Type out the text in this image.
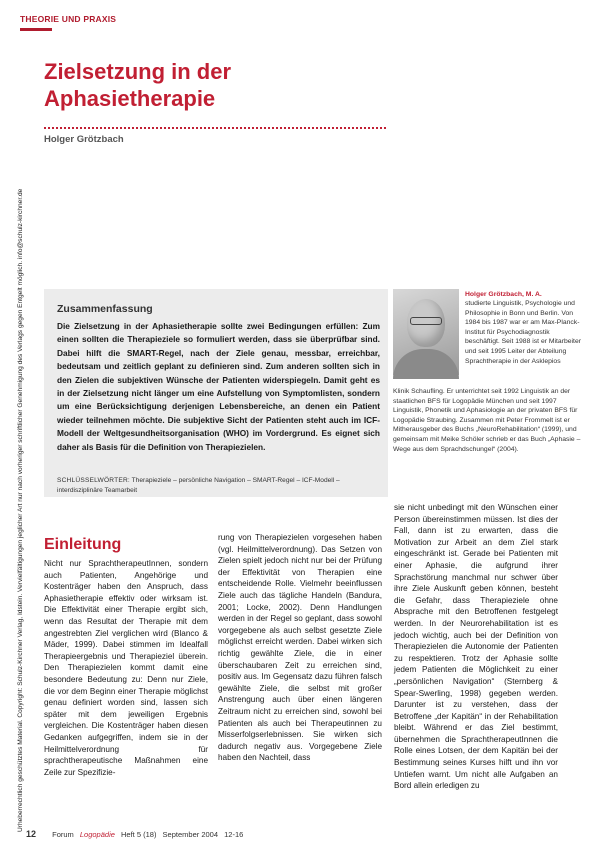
Urheberrechtlich geschütztes Material. Copyright: Schulz-Kirchner Verlag, Idstein. Vervielfältigungen jeglicher Art nur nach vorheriger schriftlicher Genehmigung des Verlags gegen Entgelt möglich. info@schulz-kirchner.de
THEORIE UND PRAXIS
Zielsetzung in der
Aphasietherapie
Holger Grötzbach
Zusammenfassung
Die Zielsetzung in der Aphasietherapie sollte zwei Bedingungen erfüllen: Zum einen sollten die Therapieziele so formuliert werden, dass sie überprüfbar sind. Dabei hilft die SMART-Regel, nach der Ziele genau, messbar, erreichbar, bedeutsam und zeitlich geplant zu definieren sind. Zum anderen sollten sich in den Zielen die subjektiven Wünsche der Patienten widerspiegeln. Damit geht es in der Zielsetzung nicht länger um eine Aufstellung von Symptomlisten, sondern um eine Berücksichtigung derjenigen Lebensbereiche, an denen ein Patient wieder teilnehmen möchte. Die subjektive Sicht der Patienten steht auch im ICF-Modell der Weltgesundheitsorganisation (WHO) im Vordergrund. Es eignet sich daher als Basis für die Definition von Therapiezielen.
SCHLÜSSELWÖRTER: Therapieziele – persönliche Navigation – SMART-Regel – ICF-Modell – interdisziplinäre Teamarbeit
Holger Grötzbach, M. A.
studierte Linguistik, Psychologie und Philosophie in Bonn und Berlin. Von 1984 bis 1987 war er am Max-Planck-Institut für Psychodiagnostik beschäftigt. Seit 1988 ist er Mitarbeiter und seit 1995 Leiter der Abteilung Sprachtherapie in der Asklepios
Klinik Schaufling. Er unterrichtet seit 1992 Linguistik an der staatlichen BFS für Logopädie München und seit 1997 Linguistik, Phonetik und Aphasiologie an der privaten BFS für Logopädie Straubing. Zusammen mit Peter Frommelt ist er Mitherausgeber des Buchs „NeuroRehabilitation“ (1999), und gemeinsam mit Meike Schöler schrieb er das Buch „Aphasie – Wege aus dem Sprachdschungel“ (2004).
Einleitung
Nicht nur SprachtherapeutInnen, sondern auch Patienten, Angehörige und Kostenträger haben den Anspruch, dass Aphasietherapie effektiv oder wirksam ist. Die Effektivität einer Therapie ergibt sich, wenn das Resultat der Therapie mit dem angestrebten Ziel verglichen wird (Blanco & Mäder, 1999). Dabei stimmen im Idealfall Therapieergebnis und Therapieziel überein. Den Therapiezielen kommt damit eine besondere Bedeutung zu: Denn nur Ziele, die vor dem Beginn einer Therapie möglichst genau definiert worden sind, lassen sich später mit dem jeweiligen Ergebnis vergleichen. Die Kostenträger haben diesen Gedanken aufgegriffen, indem sie in der Heilmittelverordnung für sprachtherapeutische Maßnahmen eine Zeile zur Spezifizie-
rung von Therapiezielen vorgesehen haben (vgl. Heilmittelverordnung). Das Setzen von Zielen spielt jedoch nicht nur bei der Prüfung der Effektivität von Therapien eine entscheidende Rolle. Vielmehr beeinflussen Ziele auch das tägliche Handeln (Bandura, 2001; Locke, 2002). Denn Handlungen werden in der Regel so geplant, dass sowohl vorgegebene als auch selbst gesetzte Ziele möglichst erreicht werden. Dabei wirken sich richtig gewählte Ziele, die in einer überschaubaren Zeit zu erreichen sind, positiv aus. Im Gegensatz dazu führen falsch gewählte Ziele, die selbst mit großer Anstrengung auch über einen längeren Zeitraum nicht zu erreichen sind, sowohl bei Patienten als auch bei Therapeutinnen zu Misserfolgserlebnissen. Sie wirken sich dadurch negativ aus. Vorgegebene Ziele haben den Nachteil, dass
sie nicht unbedingt mit den Wünschen einer Person übereinstimmen müssen. Ist dies der Fall, dann ist zu erwarten, dass die Motivation zur Arbeit an dem Ziel stark eingeschränkt ist. Gerade bei Patienten mit einer Aphasie, die aufgrund ihrer Sprachstörung manchmal nur schwer über ihre Ziele Auskunft geben können, besteht die Gefahr, dass Therapieziele ohne Absprache mit den Betroffenen festgelegt werden. In der Neurorehabilitation ist es jedoch wichtig, auch bei der Definition von Therapiezielen die Autonomie der Patienten zu respektieren. Trotz der Aphasie sollte jedem Patienten die Möglichkeit zu einer „persönlichen Navigation“ (Sternberg & Spear-Swerling, 1998) gegeben werden. Darunter ist zu verstehen, dass der Betroffene „der Kapitän“ in der Rehabilitation bleibt. Während er das Ziel bestimmt, übernehmen die SprachtherapeutInnen die Rolle eines Lotsen, der dem Kapitän bei der Bestimmung seines Kurses hilft und ihn vor Untiefen warnt. Um nicht alle Aufgaben an Bord allein erledigen zu
12 Forum Logopädie Heft 5 (18) September 2004 12-16
